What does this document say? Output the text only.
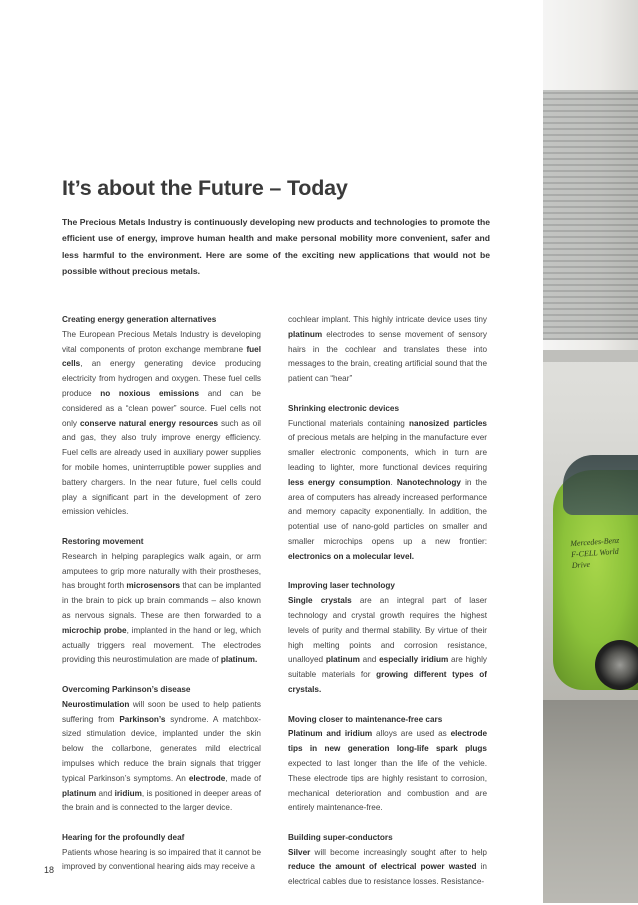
Mercedes-Benz
F-CELL World Drive
It’s about the Future – Today

The Precious Metals Industry is continuously developing new products and technologies to promote the efficient use of energy, improve human health and make personal mobility more convenient, safer and less harmful to the environment. Here are some of the exciting new applications that would not be possible without precious metals.

Creating energy generation alternatives
The European Precious Metals Industry is developing vital components of proton exchange membrane fuel cells, an energy generating device producing electricity from hydrogen and oxygen. These fuel cells produce no noxious emissions and can be considered as a “clean power” source. Fuel cells not only conserve natural energy resources such as oil and gas, they also truly improve energy efficiency. Fuel cells are already used in auxiliary power supplies for mobile homes, uninterruptible power supplies and battery chargers. In the near future, fuel cells could play a significant part in the development of zero emission vehicles.

Restoring movement
Research in helping paraplegics walk again, or arm amputees to grip more naturally with their prostheses, has brought forth microsensors that can be implanted in the brain to pick up brain commands – also known as nervous signals. These are then forwarded to a microchip probe, implanted in the hand or leg, which actually triggers real movement. The electrodes providing this neurostimulation are made of platinum.

Overcoming Parkinson’s disease
Neurostimulation will soon be used to help patients suffering from Parkinson’s syndrome. A matchbox-sized stimulation device, implanted under the skin below the collarbone, generates mild electrical impulses which reduce the brain signals that trigger typical Parkinson’s symptoms. An electrode, made of platinum and iridium, is positioned in deeper areas of the brain and is connected to the larger device.

Hearing for the profoundly deaf
Patients whose hearing is so impaired that it cannot be improved by conventional hearing aids may receive a

cochlear implant. This highly intricate device uses tiny platinum electrodes to sense movement of sensory hairs in the cochlear and translates these into messages to the brain, creating artificial sound that the patient can “hear”

Shrinking electronic devices
Functional materials containing nanosized particles of precious metals are helping in the manufacture ever smaller electronic components, which in turn are leading to lighter, more functional devices requiring less energy consumption. Nanotechnology in the area of computers has already increased performance and memory capacity exponentially. In addition, the potential use of nano-gold particles on smaller and smaller microchips opens up a new frontier: electronics on a molecular level.

Improving laser technology
Single crystals are an integral part of laser technology and crystal growth requires the highest levels of purity and thermal stability. By virtue of their high melting points and corrosion resistance, unalloyed platinum and especially iridium are highly suitable materials for growing different types of crystals.

Moving closer to maintenance-free cars
Platinum and iridium alloys are used as electrode tips in new generation long-life spark plugs expected to last longer than the life of the vehicle. These electrode tips are highly resistant to corrosion, mechanical deterioration and combustion and are entirely maintenance-free.

Building super-conductors
Silver will become increasingly sought after to help reduce the amount of electrical power wasted in electrical cables due to resistance losses. Resistance-

18
